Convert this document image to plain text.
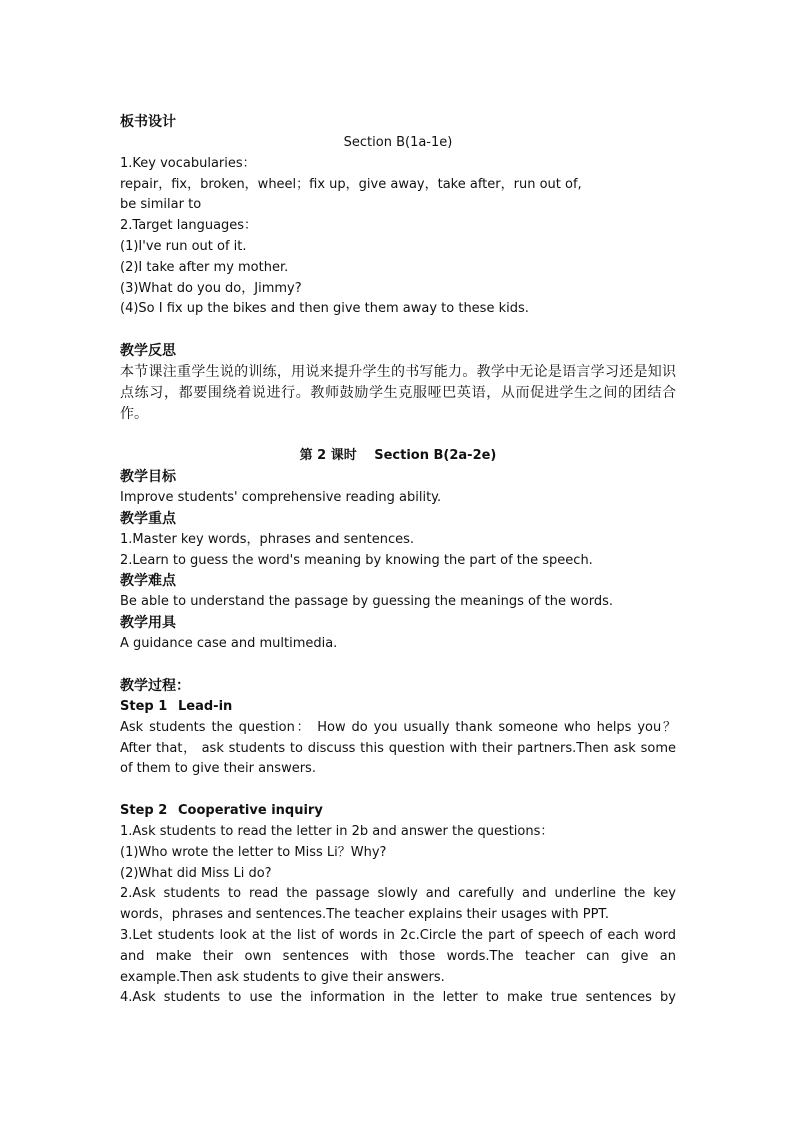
板书设计
Section B(1a-1e)
1.Key vocabularies：
repair，fix，broken，wheel；fix up，give away，take after，run out of,
be similar to
2.Target languages：
(1)I've run out of it.
(2)I take after my mother.
(3)What do you do，Jimmy?
(4)So I fix up the bikes and then give them away to these kids.
教学反思
本节课注重学生说的训练，用说来提升学生的书写能力。教学中无论是语言学习还是知识点练习，都要围绕着说进行。教师鼓励学生克服哑巴英语，从而促进学生之间的团结合作。
第 2 课时　 Section B(2a-2e)
教学目标
Improve students' comprehensive reading ability.
教学重点
1.Master key words，phrases and sentences.
2.Learn to guess the word's meaning by knowing the part of the speech.
教学难点
Be able to understand the passage by guessing the meanings of the words.
教学用具
A guidance case and multimedia.
教学过程：
Step 1 Lead-in
Ask students the question： How do you usually thank someone who helps you？ After that， ask students to discuss this question with their partners.Then ask some of them to give their answers.
Step 2 Cooperative inquiry
1.Ask students to read the letter in 2b and answer the questions：
(1)Who wrote the letter to Miss Li？Why?
(2)What did Miss Li do?
2.Ask students to read the passage slowly and carefully and underline the key words，phrases and sentences.The teacher explains their usages with PPT.
3.Let students look at the list of words in 2c.Circle the part of speech of each word and make their own sentences with those words.The teacher can give an example.Then ask students to give their answers.
4.Ask students to use the information in the letter to make true sentences by
